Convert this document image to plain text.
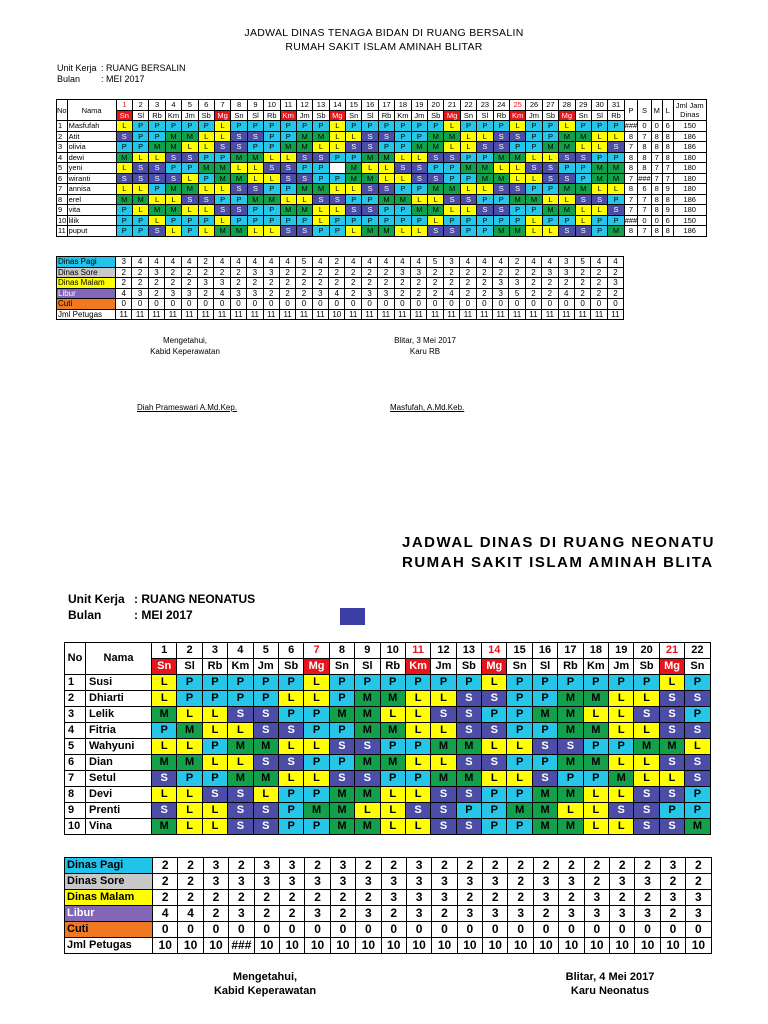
JADWAL DINAS TENAGA BIDAN DI RUANG BERSALIN
RUMAH SAKIT ISLAM AMINAH BLITAR
Unit Kerja : RUANG BERSALIN
Bulan : MEI 2017
No	Nama	1	2	3	4	5	6	7	8	9	10	11	12	13	14	15	16	17	18	19	20	21	22	23	24	25	26	27	28	29	30	31	P	S	M	L	Jml Jam Dinas
		Sn	Sl	Rb	Km	Jm	Sb	Mg	Sn	Sl	Rb	Km	Jm	Sb	Mg	Sn	Sl	Rb	Km	Jm	Sb	Mg	Sn	Sl	Rb	Km	Jm	Sb	Mg	Sn	Sl	Rb					
1	Masfufah	L	P	P	P	P	P	L	P	P	P	P	P	P	L	P	P	P	P	P	P	L	P	P	P	L	P	P	L	P	P	P	###	0	0	6	150
2	Atit	S	P	P	M	M	L	L	S	S	P	P	M	M	L	L	S	S	P	P	M	M	L	L	S	S	P	P	M	M	L	L	8	7	8	8	186
3	olivia	P	P	M	M	L	L	S	S	P	P	M	M	L	L	S	S	P	P	M	M	L	L	S	S	P	P	M	M	L	L	S	7	8	8	8	186
4	dewi	M	L	L	S	S	P	P	M	M	L	L	S	S	P	P	M	M	L	L	S	S	P	P	M	M	L	L	S	S	P	P	8	8	7	8	180
5	yeni	L	S	S	P	P	M	M	L	L	S	S	P	P		M	L	L	S	S	P	P	M	M	L	L	S	S	P	P	M	M	8	8	7	7	180
6	wiranti	S	S	S	S	L	P	M	M	L	L	S	S	P	P	M	M	L	L	S	S	P	P	M	M	L	L	S	S	P	M	M	7	###	7	7	180
7	annisa	L	L	P	M	M	L	L	S	S	P	P	M	M	L	L	S	S	P	P	M	M	L	L	S	S	P	P	M	M	L	L	8	6	8	9	180
8	erel	M	M	L	L	S	S	P	P	M	M	L	L	S	S	P	P	M	M	L	L	S	S	P	P	M	M	L	L	S	S	P	7	7	8	8	186
9	vita	P	L	M	M	L	L	S	S	P	P	M	M	L	L	S	S	P	P	M	M	L	L	S	S	P	P	M	M	L	L	S	7	7	8	9	180
10	lilik	P	P	L	P	P	P	L	P	P	P	P	P	L	P	P	P	P	P	P	L	P	P	P	P	P	L	P	P	L	P	P	###	0	0	6	150
11	puput	P	P	S	L	P	L	M	M	L	L	S	S	P	P	L	M	M	L	L	S	S	P	P	M	M	L	L	S	S	P	M	8	7	8	8	186
Dinas Pagi	3	4	4	4	4	2	4	4	4	4	4	5	4	2	4	4	4	4	4	5	3	4	4	4	2	4	4	3	5	4	4
Dinas Sore	2	2	3	2	2	2	2	2	3	3	2	2	2	2	2	2	2	3	3	2	2	2	2	2	2	2	3	3	2	2	2
Dinas Malam	2	2	2	2	2	3	3	2	2	2	2	2	2	2	2	2	2	2	2	2	2	2	2	3	3	2	2	2	2	2	3
Libur	4	3	2	3	3	2	4	3	3	2	2	2	3	4	2	3	3	2	2	2	4	2	2	3	5	2	2	4	2	2	2
Cuti	0	0	0	0	0	0	0	0	0	0	0	0	0	0	0	0	0	0	0	0	0	0	0	0	0	0	0	0	0	0	0
Jml Petugas	11	11	11	11	11	11	11	11	11	11	11	11	11	10	11	11	11	11	11	11	11	11	11	11	11	11	11	11	11	11	11
Mengetahui,
Kabid Keperawatan
Blitar, 3 Mei 2017
Karu RB
Diah Prameswari A.Md.Kep.	Masfufah, A.Md.Keb.
JADWAL DINAS DI RUANG NEONATU
RUMAH SAKIT ISLAM AMINAH BLITA
Unit Kerja : RUANG NEONATUS
Bulan	: MEI 2017
No	Nama	1	2	3	4	5	6	7	8	9	10	11	12	13	14	15	16	17	18	19	20	21	22
		Sn	Sl	Rb	Km	Jm	Sb	Mg	Sn	Sl	Rb	Km	Jm	Sb	Mg	Sn	Sl	Rb	Km	Jm	Sb	Mg	Sn
1	Susi	L	P	P	P	P	P	L	P	P	P	P	P	P	L	P	P	P	P	P	P	L	P
2	Dhiarti	L	P	P	P	P	L	L	P	M	M	L	L	S	S	P	P	M	M	L	L	S	S
3	Lelik	M	L	L	S	S	P	P	M	M	L	L	S	S	P	P	M	M	L	L	S	S	P
4	Fitria	P	M	L	L	S	S	P	P	M	M	L	L	S	S	P	P	M	M	L	L	S	S
5	Wahyuni	L	L	P	M	M	L	L	S	S	P	P	M	M	L	L	S	S	P	P	M	M	L
6	Dian	M	M	L	L	S	S	P	P	M	M	L	L	S	S	P	P	M	M	L	L	S	S
7	Setul	S	P	P	M	M	L	L	S	S	P	P	M	M	L	L	S	P	P	M	L	L	S
8	Devi	L	L	S	S	L	P	P	M	M	L	L	S	S	P	P	M	M	L	L	S	S	P
9	Prenti	S	L	L	S	S	P	M	M	L	L	S	S	P	P	M	M	L	L	S	S	P	P
10	Vina	M	L	L	S	S	P	P	M	M	L	L	S	S	P	P	M	M	L	L	S	S	M
Dinas Pagi	2	2	3	2	3	3	2	3	2	2	3	2	2	2	2	2	2	2	2	2	3	2
Dinas Sore	2	2	3	3	3	3	3	3	3	3	3	3	3	3	2	3	3	2	3	3	2	2
Dinas Malam	2	2	2	2	2	2	2	2	2	3	3	3	2	2	2	3	2	3	2	2	3	3
Libur	4	4	2	3	2	2	3	2	3	2	3	2	3	3	3	2	3	3	3	3	2	3
Cuti	0	0	0	0	0	0	0	0	0	0	0	0	0	0	0	0	0	0	0	0	0	0
Jml Petugas	10	10	10	###	10	10	10	10	10	10	10	10	10	10	10	10	10	10	10	10	10	10
Mengetahui,
Kabid Keperawatan
Blitar, 4 Mei 2017
Karu Neonatus
